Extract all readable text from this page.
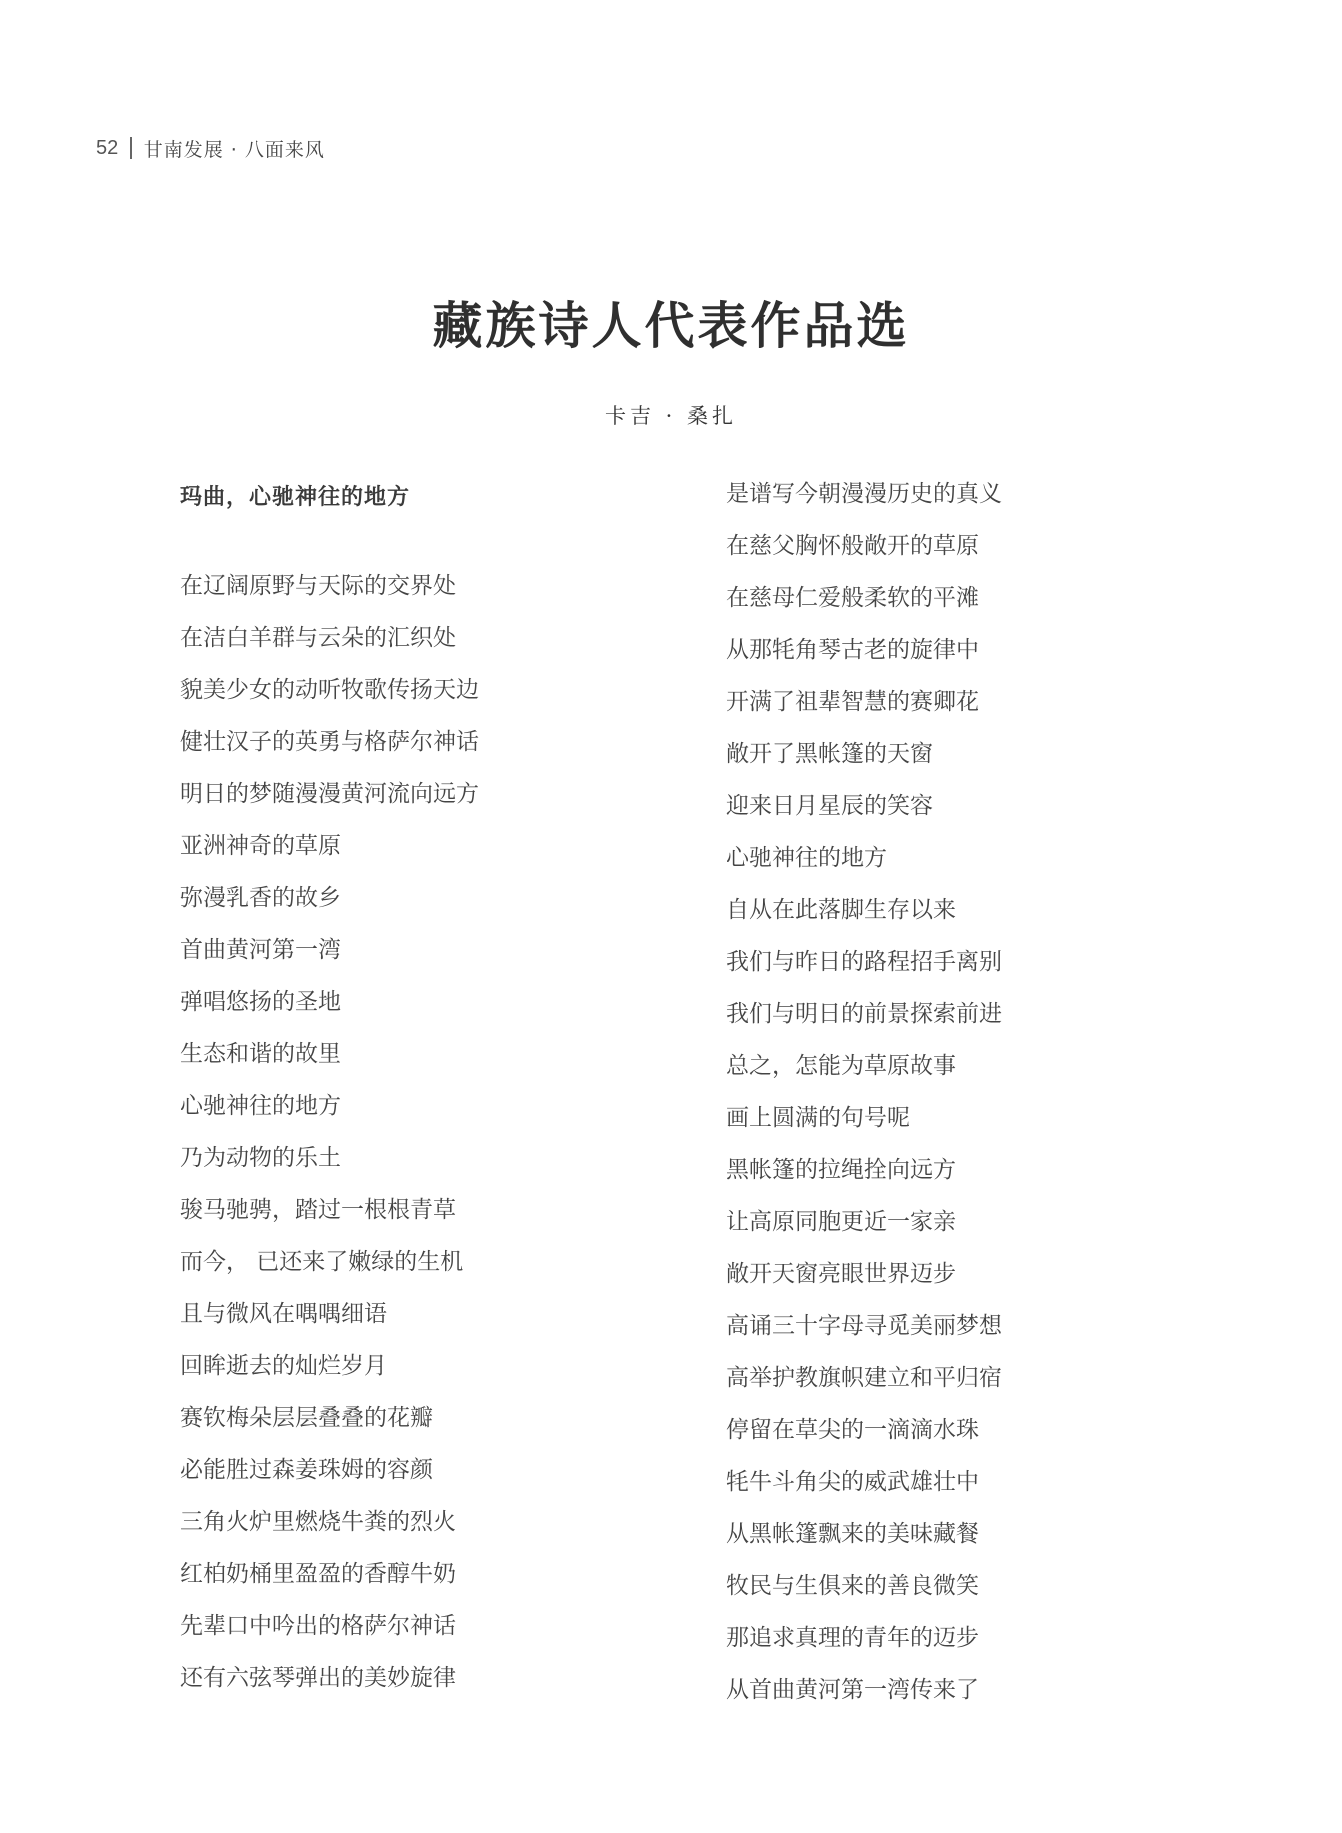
52 甘南发展 · 八面来风
藏族诗人代表作品选
卡吉 · 桑扎
玛曲，心驰神往的地方
在辽阔原野与天际的交界处
在洁白羊群与云朵的汇织处
貌美少女的动听牧歌传扬天边
健壮汉子的英勇与格萨尔神话
明日的梦随漫漫黄河流向远方
亚洲神奇的草原
弥漫乳香的故乡
首曲黄河第一湾
弹唱悠扬的圣地
生态和谐的故里
心驰神往的地方
乃为动物的乐土
骏马驰骋，踏过一根根青草
而今， 已还来了嫩绿的生机
且与微风在喁喁细语
回眸逝去的灿烂岁月
赛钦梅朵层层叠叠的花瓣
必能胜过森姜珠姆的容颜
三角火炉里燃烧牛粪的烈火
红柏奶桶里盈盈的香醇牛奶
先辈口中吟出的格萨尔神话
还有六弦琴弹出的美妙旋律
是谱写今朝漫漫历史的真义
在慈父胸怀般敞开的草原
在慈母仁爱般柔软的平滩
从那牦角琴古老的旋律中
开满了祖辈智慧的赛卿花
敞开了黑帐篷的天窗
迎来日月星辰的笑容
心驰神往的地方
自从在此落脚生存以来
我们与昨日的路程招手离别
我们与明日的前景探索前进
总之，怎能为草原故事
画上圆满的句号呢
黑帐篷的拉绳拴向远方
让高原同胞更近一家亲
敞开天窗亮眼世界迈步
高诵三十字母寻觅美丽梦想
高举护教旗帜建立和平归宿
停留在草尖的一滴滴水珠
牦牛斗角尖的威武雄壮中
从黑帐篷飘来的美味藏餐
牧民与生俱来的善良微笑
那追求真理的青年的迈步
从首曲黄河第一湾传来了
